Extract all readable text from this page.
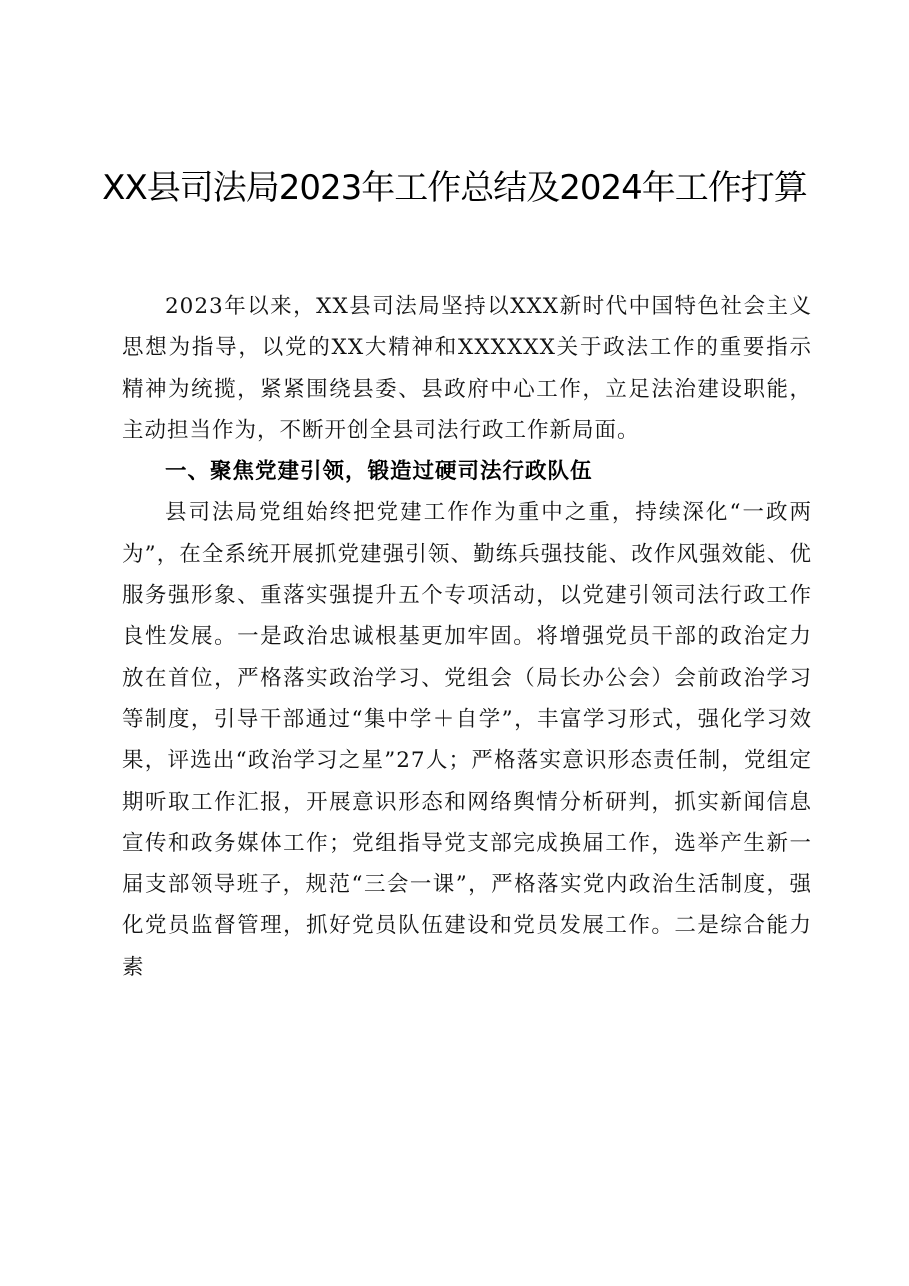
XX县司法局2023年工作总结及2024年工作打算

2023年以来，XX县司法局坚持以XXX新时代中国特色社会主义思想为指导，以党的XX大精神和XXXXXX关于政法工作的重要指示精神为统揽，紧紧围绕县委、县政府中心工作，立足法治建设职能，主动担当作为，不断开创全县司法行政工作新局面。

一、聚焦党建引领，锻造过硬司法行政队伍

县司法局党组始终把党建工作作为重中之重，持续深化“一政两为”，在全系统开展抓党建强引领、勤练兵强技能、改作风强效能、优服务强形象、重落实强提升五个专项活动，以党建引领司法行政工作良性发展。一是政治忠诚根基更加牢固。将增强党员干部的政治定力放在首位，严格落实政治学习、党组会（局长办公会）会前政治学习等制度，引导干部通过“集中学＋自学”，丰富学习形式，强化学习效果，评选出“政治学习之星”27人；严格落实意识形态责任制，党组定期听取工作汇报，开展意识形态和网络舆情分析研判，抓实新闻信息宣传和政务媒体工作；党组指导党支部完成换届工作，选举产生新一届支部领导班子，规范“三会一课”，严格落实党内政治生活制度，强化党员监督管理，抓好党员队伍建设和党员发展工作。二是综合能力素
